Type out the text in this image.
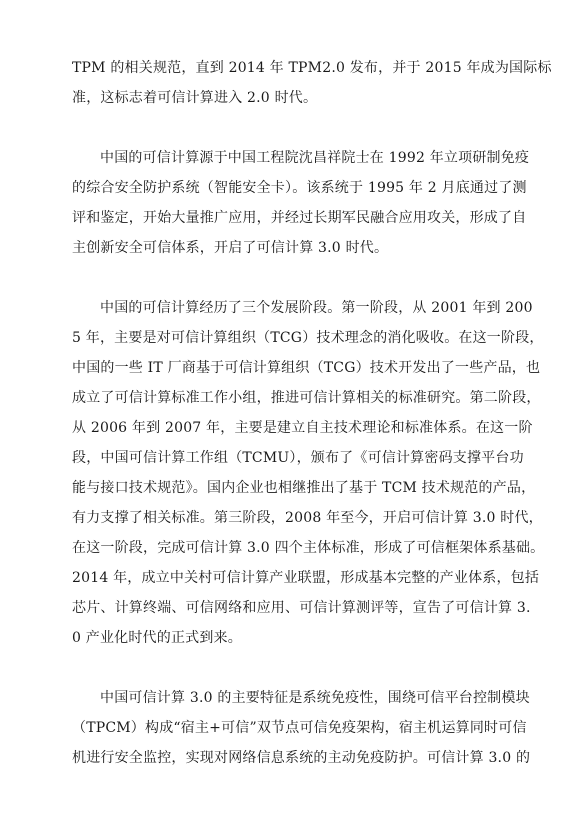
TPM 的相关规范，直到 2014 年 TPM2.0 发布，并于 2015 年成为国际标
准，这标志着可信计算进入 2.0 时代。
中国的可信计算源于中国工程院沈昌祥院士在 1992 年立项研制免疫
的综合安全防护系统（智能安全卡）。该系统于 1995 年 2 月底通过了测
评和鉴定，开始大量推广应用，并经过长期军民融合应用攻关，形成了自
主创新安全可信体系，开启了可信计算 3.0 时代。
中国的可信计算经历了三个发展阶段。第一阶段，从 2001 年到 200
5 年，主要是对可信计算组织（TCG）技术理念的消化吸收。在这一阶段，
中国的一些 IT 厂商基于可信计算组织（TCG）技术开发出了一些产品，也
成立了可信计算标准工作小组，推进可信计算相关的标准研究。第二阶段，
从 2006 年到 2007 年，主要是建立自主技术理论和标准体系。在这一阶
段，中国可信计算工作组（TCMU），颁布了《可信计算密码支撑平台功
能与接口技术规范》。国内企业也相继推出了基于 TCM 技术规范的产品，
有力支撑了相关标准。第三阶段，2008 年至今，开启可信计算 3.0 时代，
在这一阶段，完成可信计算 3.0 四个主体标准，形成了可信框架体系基础。
2014 年，成立中关村可信计算产业联盟，形成基本完整的产业体系，包括
芯片、计算终端、可信网络和应用、可信计算测评等，宣告了可信计算 3.
0 产业化时代的正式到来。
中国可信计算 3.0 的主要特征是系统免疫性，围绕可信平台控制模块
（TPCM）构成“宿主+可信”双节点可信免疫架构，宿主机运算同时可信
机进行安全监控，实现对网络信息系统的主动免疫防护。可信计算 3.0 的
